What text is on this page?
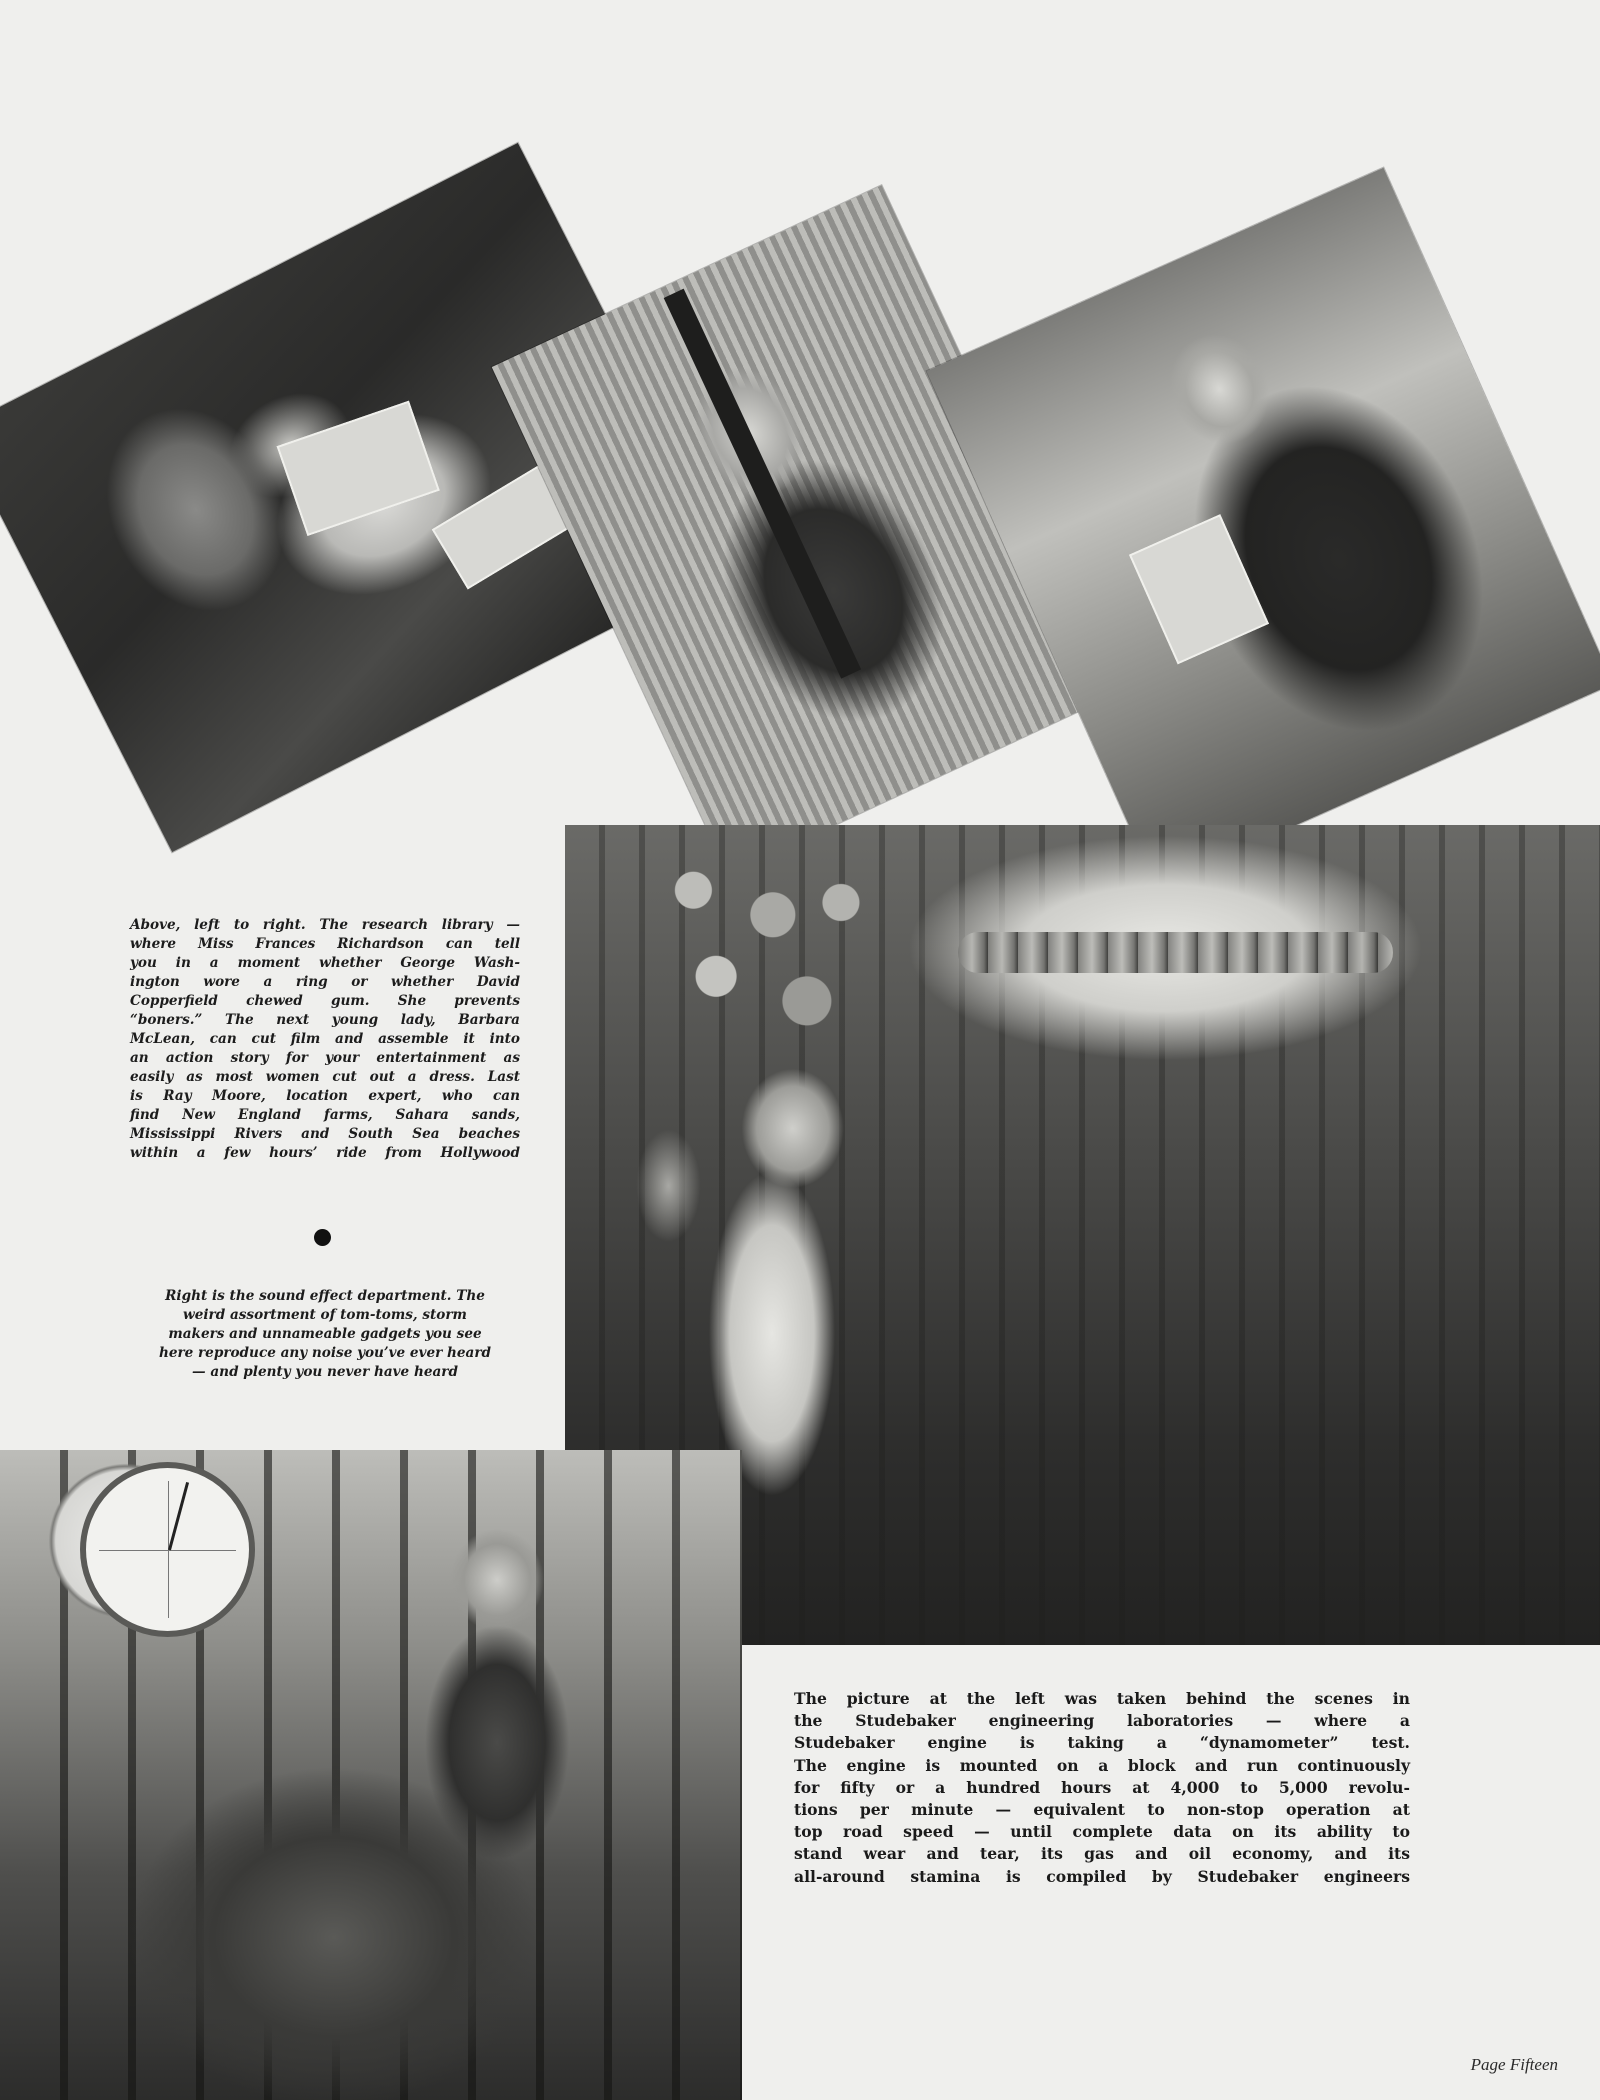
Above, left to right. The research library —
where Miss Frances Richardson can tell
you in a moment whether George Wash-
ington wore a ring or whether David
Copperfield chewed gum. She prevents
“boners.” The next young lady, Barbara
McLean, can cut film and assemble it into
an action story for your entertainment as
easily as most women cut out a dress. Last
is Ray Moore, location expert, who can
find New England farms, Sahara sands,
Mississippi Rivers and South Sea beaches
within a few hours’ ride from Hollywood

Right is the sound effect department. The
weird assortment of tom-toms, storm
makers and unnameable gadgets you see
here reproduce any noise you’ve ever heard
— and plenty you never have heard

The picture at the left was taken behind the scenes in
the Studebaker engineering laboratories — where a
Studebaker engine is taking a “dynamometer” test.
The engine is mounted on a block and run continuously
for fifty or a hundred hours at 4,000 to 5,000 revolu-
tions per minute — equivalent to non-stop operation at
top road speed — until complete data on its ability to
stand wear and tear, its gas and oil economy, and its
all-around stamina is compiled by Studebaker engineers

Page Fifteen
